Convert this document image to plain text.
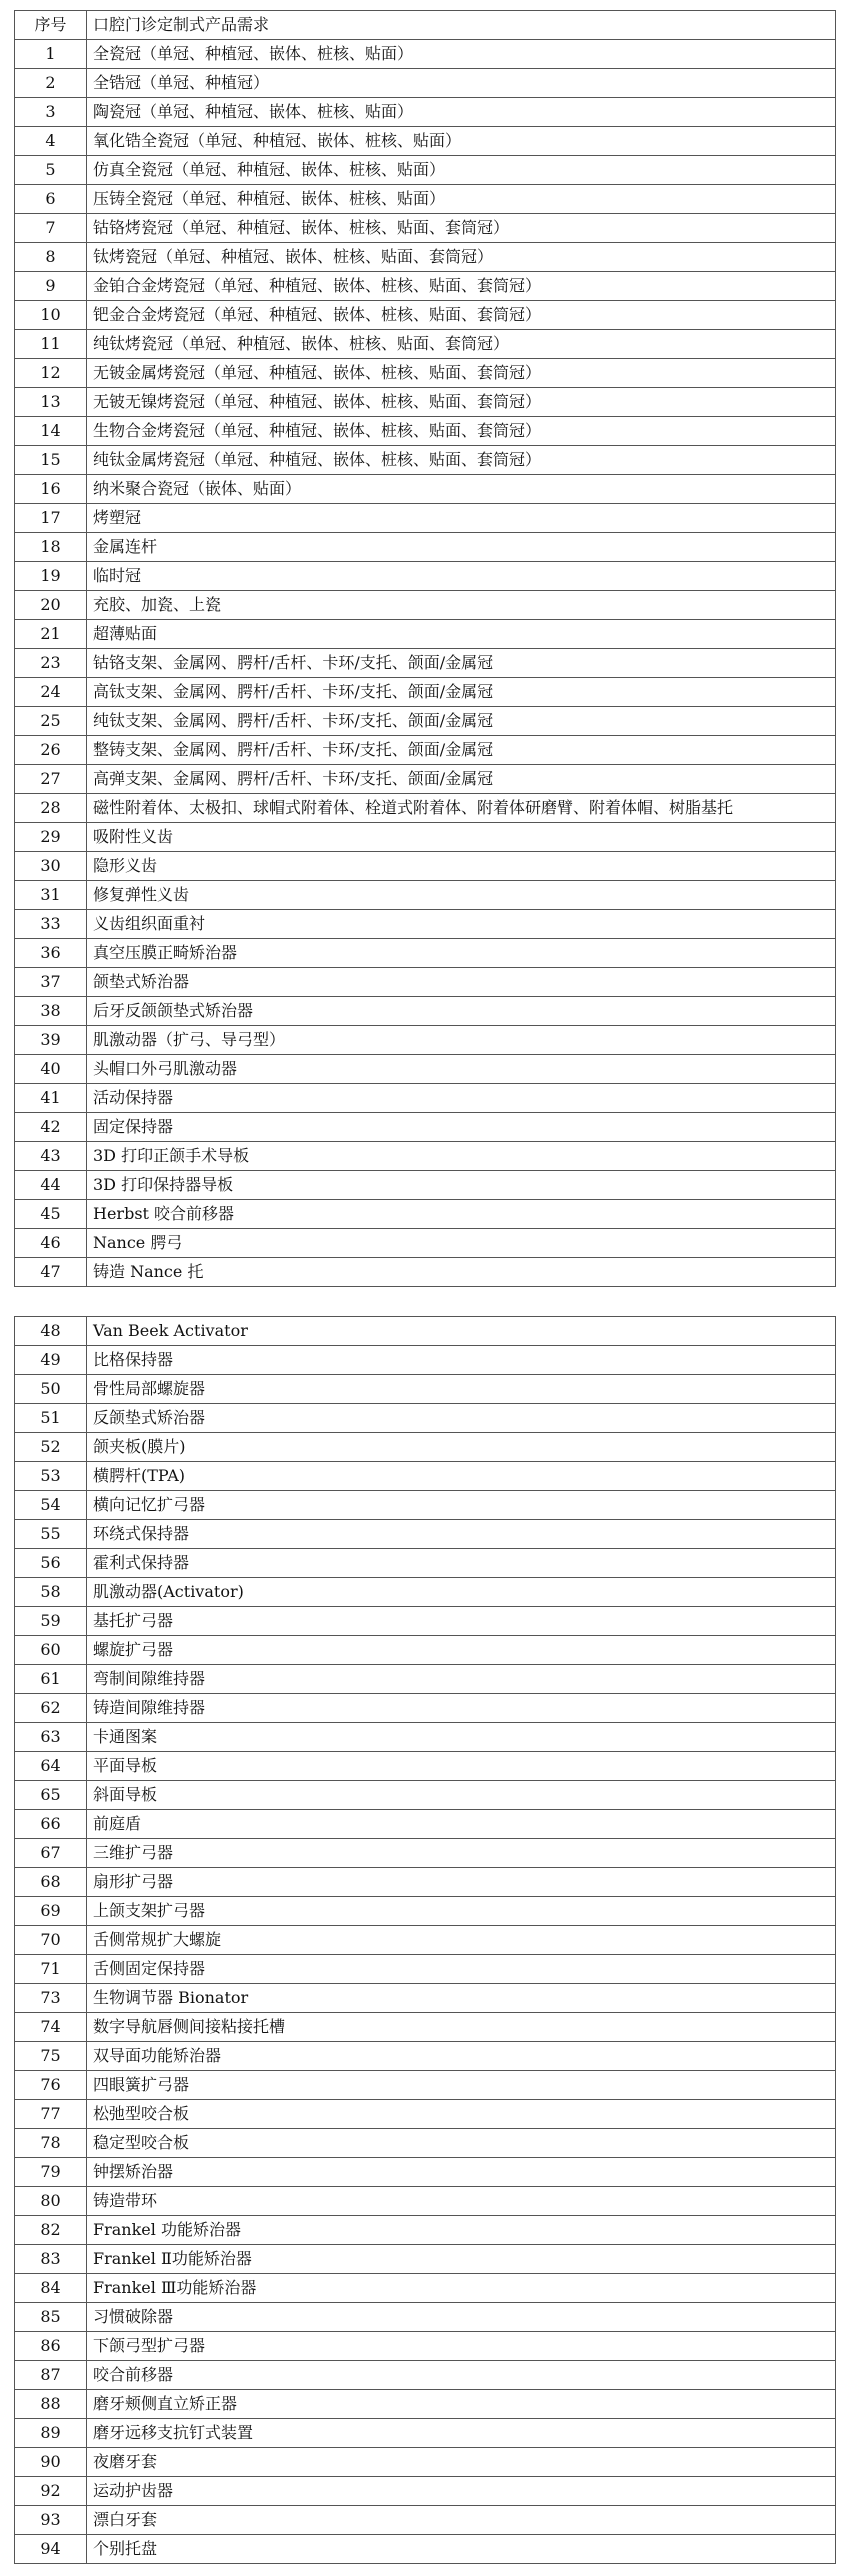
序号	口腔门诊定制式产品需求
1	全瓷冠（单冠、种植冠、嵌体、桩核、贴面）
2	全锆冠（单冠、种植冠）
3	陶瓷冠（单冠、种植冠、嵌体、桩核、贴面）
4	氧化锆全瓷冠（单冠、种植冠、嵌体、桩核、贴面）
5	仿真全瓷冠（单冠、种植冠、嵌体、桩核、贴面）
6	压铸全瓷冠（单冠、种植冠、嵌体、桩核、贴面）
7	钴铬烤瓷冠（单冠、种植冠、嵌体、桩核、贴面、套筒冠）
8	钛烤瓷冠（单冠、种植冠、嵌体、桩核、贴面、套筒冠）
9	金铂合金烤瓷冠（单冠、种植冠、嵌体、桩核、贴面、套筒冠）
10	钯金合金烤瓷冠（单冠、种植冠、嵌体、桩核、贴面、套筒冠）
11	纯钛烤瓷冠（单冠、种植冠、嵌体、桩核、贴面、套筒冠）
12	无铍金属烤瓷冠（单冠、种植冠、嵌体、桩核、贴面、套筒冠）
13	无铍无镍烤瓷冠（单冠、种植冠、嵌体、桩核、贴面、套筒冠）
14	生物合金烤瓷冠（单冠、种植冠、嵌体、桩核、贴面、套筒冠）
15	纯钛金属烤瓷冠（单冠、种植冠、嵌体、桩核、贴面、套筒冠）
16	纳米聚合瓷冠（嵌体、贴面）
17	烤塑冠
18	金属连杆
19	临时冠
20	充胶、加瓷、上瓷
21	超薄贴面
23	钴铬支架、金属网、腭杆/舌杆、卡环/支托、颌面/金属冠
24	高钛支架、金属网、腭杆/舌杆、卡环/支托、颌面/金属冠
25	纯钛支架、金属网、腭杆/舌杆、卡环/支托、颌面/金属冠
26	整铸支架、金属网、腭杆/舌杆、卡环/支托、颌面/金属冠
27	高弹支架、金属网、腭杆/舌杆、卡环/支托、颌面/金属冠
28	磁性附着体、太极扣、球帽式附着体、栓道式附着体、附着体研磨臂、附着体帽、树脂基托
29	吸附性义齿
30	隐形义齿
31	修复弹性义齿
33	义齿组织面重衬
36	真空压膜正畸矫治器
37	颌垫式矫治器
38	后牙反颌颌垫式矫治器
39	肌激动器（扩弓、导弓型）
40	头帽口外弓肌激动器
41	活动保持器
42	固定保持器
43	3D 打印正颌手术导板
44	3D 打印保持器导板
45	Herbst 咬合前移器
46	Nance 腭弓
47	铸造 Nance 托
48	Van Beek Activator
49	比格保持器
50	骨性局部螺旋器
51	反颌垫式矫治器
52	颌夹板(膜片)
53	横腭杆(TPA)
54	横向记忆扩弓器
55	环绕式保持器
56	霍利式保持器
58	肌激动器(Activator)
59	基托扩弓器
60	螺旋扩弓器
61	弯制间隙维持器
62	铸造间隙维持器
63	卡通图案
64	平面导板
65	斜面导板
66	前庭盾
67	三维扩弓器
68	扇形扩弓器
69	上颌支架扩弓器
70	舌侧常规扩大螺旋
71	舌侧固定保持器
73	生物调节器 Bionator
74	数字导航唇侧间接粘接托槽
75	双导面功能矫治器
76	四眼簧扩弓器
77	松弛型咬合板
78	稳定型咬合板
79	钟摆矫治器
80	铸造带环
82	Frankel 功能矫治器
83	Frankel Ⅱ功能矫治器
84	Frankel Ⅲ功能矫治器
85	习惯破除器
86	下颌弓型扩弓器
87	咬合前移器
88	磨牙颊侧直立矫正器
89	磨牙远移支抗钉式装置
90	夜磨牙套
92	运动护齿器
93	漂白牙套
94	个别托盘
